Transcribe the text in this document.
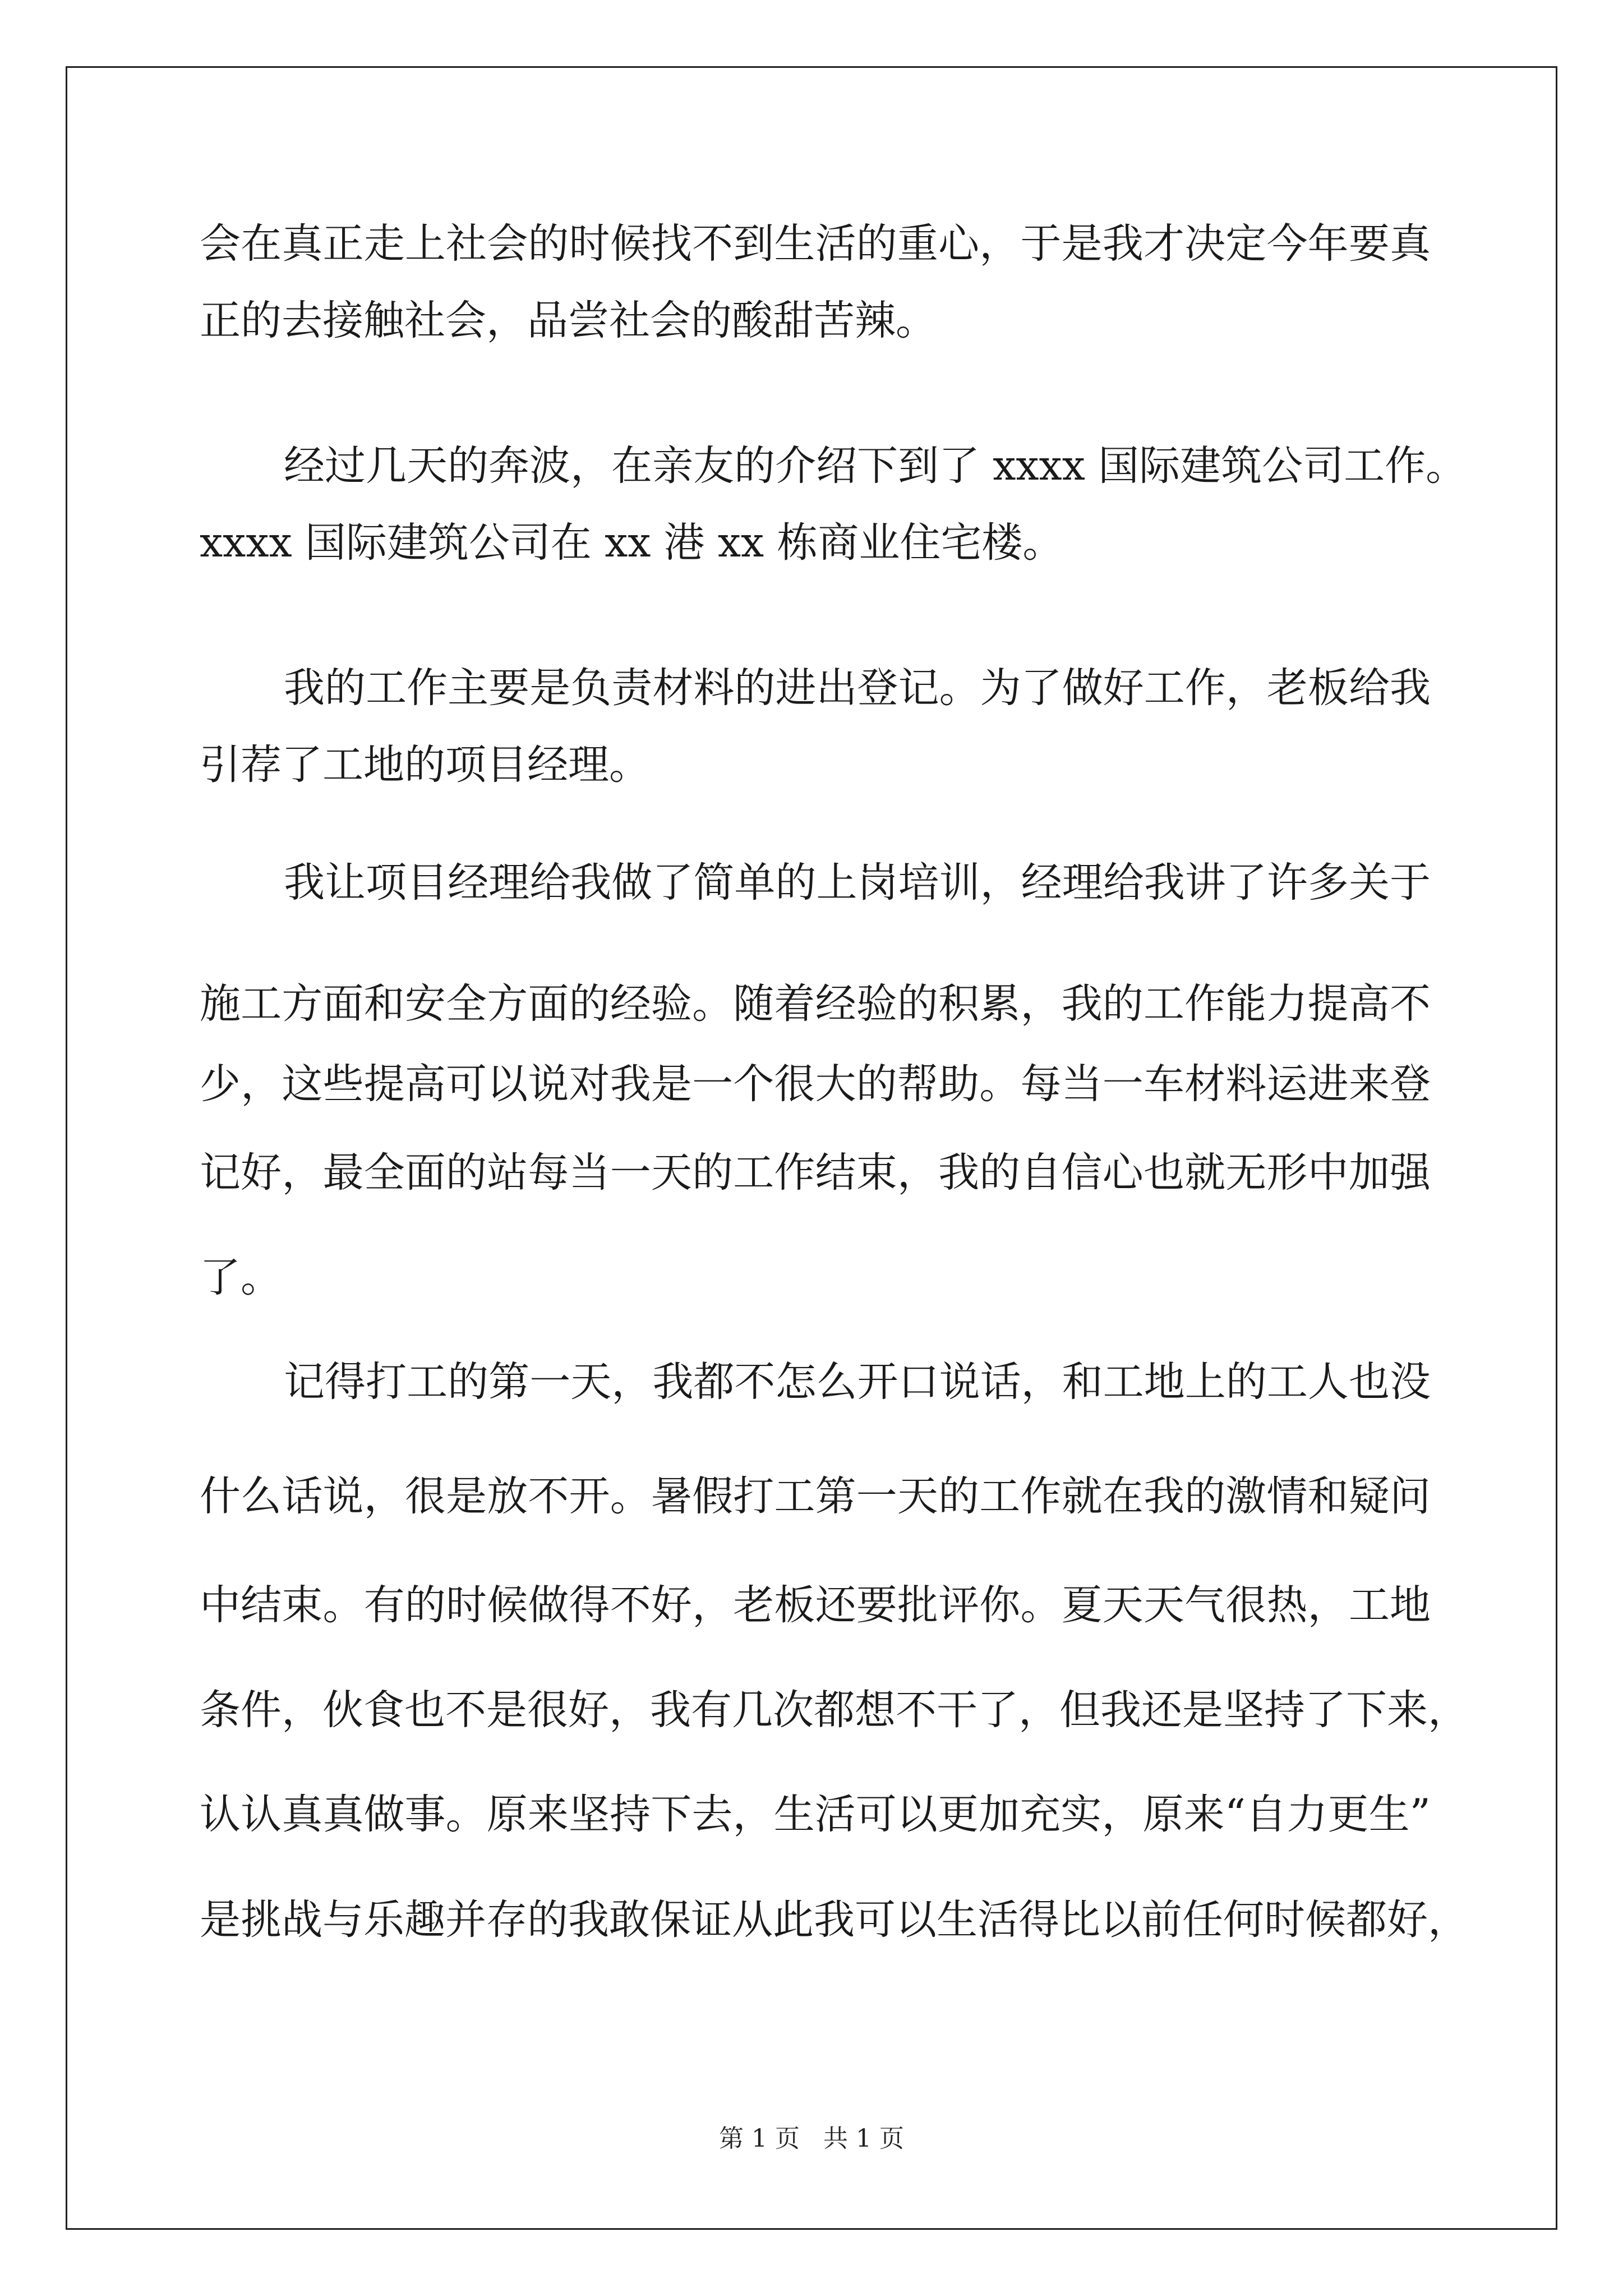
会在真正走上社会的时候找不到生活的重心，于是我才决定今年要真

正的去接触社会，品尝社会的酸甜苦辣。

经过几天的奔波，在亲友的介绍下到了 xxxx 国际建筑公司工作。

xxxx 国际建筑公司在 xx 港 xx 栋商业住宅楼。

我的工作主要是负责材料的进出登记。为了做好工作，老板给我

引荐了工地的项目经理。

我让项目经理给我做了简单的上岗培训，经理给我讲了许多关于

施工方面和安全方面的经验。随着经验的积累，我的工作能力提高不

少，这些提高可以说对我是一个很大的帮助。每当一车材料运进来登

记好，最全面的站每当一天的工作结束，我的自信心也就无形中加强

了。

记得打工的第一天，我都不怎么开口说话，和工地上的工人也没

什么话说，很是放不开。暑假打工第一天的工作就在我的激情和疑问

中结束。有的时候做得不好，老板还要批评你。夏天天气很热，工地

条件，伙食也不是很好，我有几次都想不干了，但我还是坚持了下来，

认认真真做事。原来坚持下去，生活可以更加充实，原来“自力更生”

是挑战与乐趣并存的我敢保证从此我可以生活得比以前任何时候都好，

第 1 页 共 1 页
